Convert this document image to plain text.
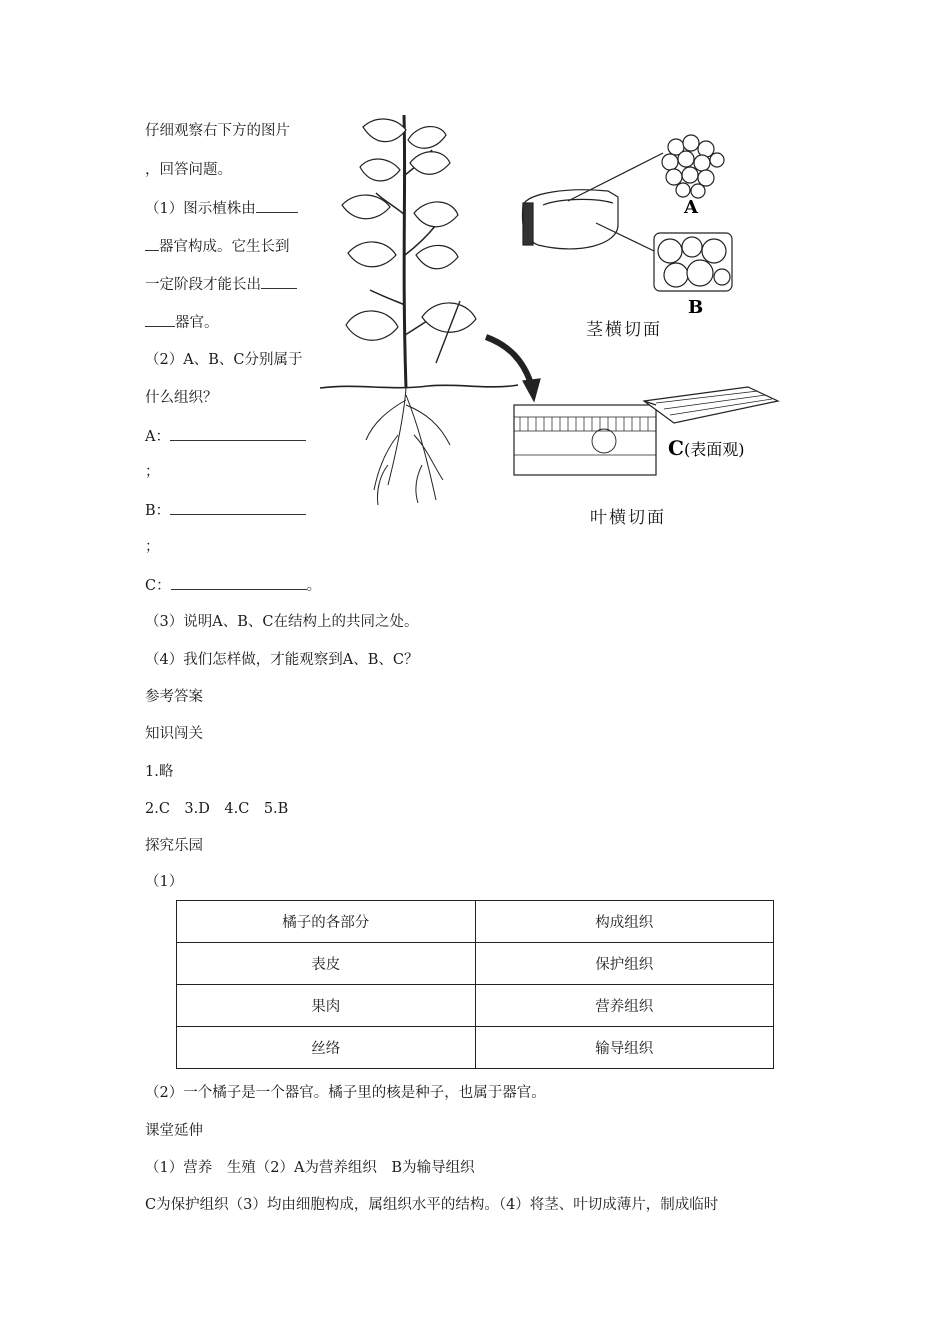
仔细观察右下方的图片
，回答问题。
（1）图示植株由
器官构成。它生长到
一定阶段才能长出
器官。
（2）A、B、C分别属于
什么组织？
A：
；
B：
；
C：	。
（3）说明A、B、C在结构上的共同之处。
（4）我们怎样做，才能观察到A、B、C？
A
B
C (表面观)
茎横切面
叶横切面
参考答案
知识闯关
1.略
2.C　3.D　4.C　5.B
探究乐园
（1）
橘子的各部分	构成组织
表皮	保护组织
果肉	营养组织
丝络	输导组织
（2）一个橘子是一个器官。橘子里的核是种子，也属于器官。
课堂延伸
（1）营养　生殖（2）A为营养组织　B为输导组织
C为保护组织（3）均由细胞构成，属组织水平的结构。（4）将茎、叶切成薄片，制成临时
